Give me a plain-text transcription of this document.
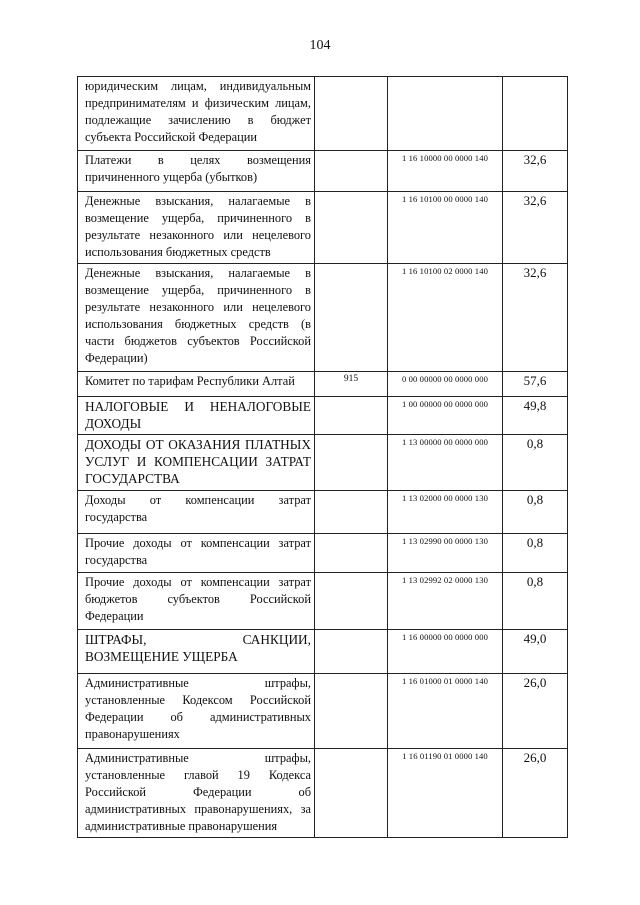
104
юридическим лицам, индивидуальным предпринимателям и физическим лицам, подлежащие зачислению в бюджет субъекта Российской Федерации			

Платежи в целях возмещения причиненного ущерба (убытков)		1 16 10000 00 0000 140	32,6

Денежные взыскания, налагаемые в возмещение ущерба, причиненного в результате незаконного или нецелевого использования бюджетных средств		1 16 10100 00 0000 140	32,6

Денежные взыскания, налагаемые в возмещение ущерба, причиненного в результате незаконного или нецелевого использования бюджетных средств (в части бюджетов субъектов Российской Федерации)		1 16 10100 02 0000 140	32,6

Комитет по тарифам Республики Алтай	915	0 00 00000 00 0000 000	57,6

НАЛОГОВЫЕ И НЕНАЛОГОВЫЕ ДОХОДЫ		1 00 00000 00 0000 000	49,8

ДОХОДЫ ОТ ОКАЗАНИЯ ПЛАТНЫХ УСЛУГ И КОМПЕНСАЦИИ ЗАТРАТ ГОСУДАРСТВА		1 13 00000 00 0000 000	0,8

Доходы от компенсации затрат государства		1 13 02000 00 0000 130	0,8

Прочие доходы от компенсации затрат государства		1 13 02990 00 0000 130	0,8

Прочие доходы от компенсации затрат бюджетов субъектов Российской Федерации		1 13 02992 02 0000 130	0,8

ШТРАФЫ, САНКЦИИ, ВОЗМЕЩЕНИЕ УЩЕРБА		1 16 00000 00 0000 000	49,0

Административные штрафы, установленные Кодексом Российской Федерации об административных правонарушениях		1 16 01000 01 0000 140	26,0

Административные штрафы, установленные главой 19 Кодекса Российской Федерации об административных правонарушениях, за административные правонарушения		1 16 01190 01 0000 140	26,0
